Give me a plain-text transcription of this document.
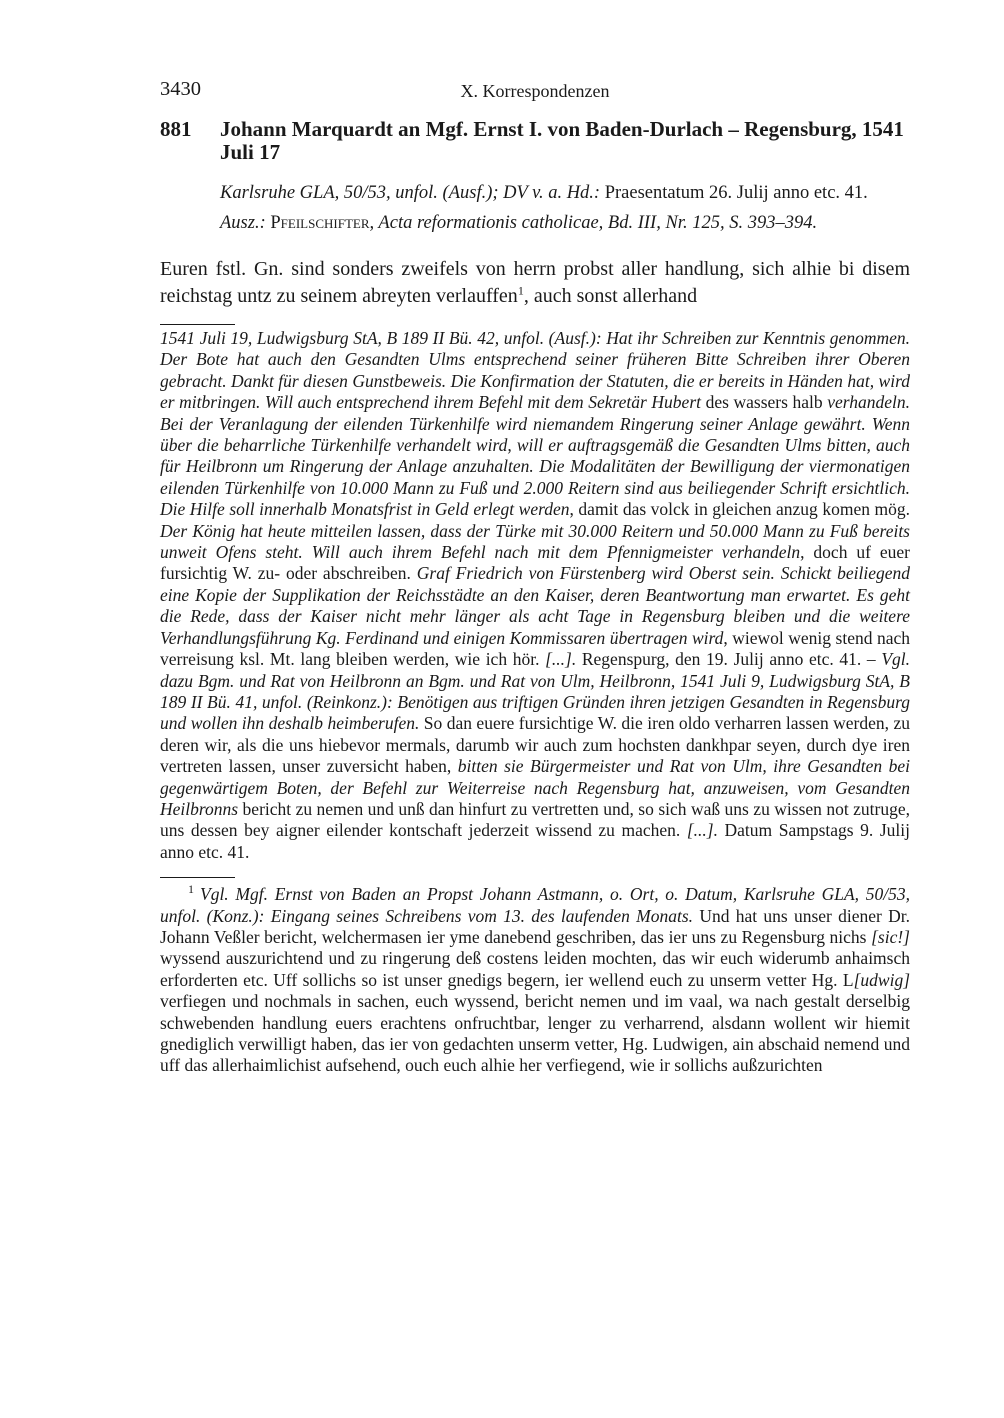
3430	X. Korrespondenzen
881	Johann Marquardt an Mgf. Ernst I. von Baden-Durlach – Regensburg, 1541 Juli 17

Karlsruhe GLA, 50/53, unfol. (Ausf.); DV v. a. Hd.: Praesentatum 26. Julij anno etc. 41.

Ausz.: Pfeilschifter, Acta reformationis catholicae, Bd. III, Nr. 125, S. 393–394.

Euren fstl. Gn. sind sonders zweifels von herrn probst aller handlung, sich alhie bi disem reichstag untz zu seinem abreyten verlauffen$^1$, auch sonst allerhand

1541 Juli 19, Ludwigsburg StA, B 189 II Bü. 42, unfol. (Ausf.): Hat ihr Schreiben zur Kenntnis genommen. Der Bote hat auch den Gesandten Ulms entsprechend seiner früheren Bitte Schreiben ihrer Oberen gebracht. Dankt für diesen Gunstbeweis. Die Konfirmation der Statuten, die er bereits in Händen hat, wird er mitbringen. Will auch entsprechend ihrem Befehl mit dem Sekretär Hubert des wassers halb verhandeln. Bei der Veranlagung der eilenden Türkenhilfe wird niemandem Ringerung seiner Anlage gewährt. Wenn über die beharrliche Türkenhilfe verhandelt wird, will er auftragsgemäß die Gesandten Ulms bitten, auch für Heilbronn um Ringerung der Anlage anzuhalten. Die Modalitäten der Bewilligung der viermonatigen eilenden Türkenhilfe von 10.000 Mann zu Fuß und 2.000 Reitern sind aus beiliegender Schrift ersichtlich. Die Hilfe soll innerhalb Monatsfrist in Geld erlegt werden, damit das volck in gleichen anzug komen mög. Der König hat heute mitteilen lassen, dass der Türke mit 30.000 Reitern und 50.000 Mann zu Fuß bereits unweit Ofens steht. Will auch ihrem Befehl nach mit dem Pfennigmeister verhandeln, doch uf euer fursichtig W. zu- oder abschreiben. Graf Friedrich von Fürstenberg wird Oberst sein. Schickt beiliegend eine Kopie der Supplikation der Reichsstädte an den Kaiser, deren Beantwortung man erwartet. Es geht die Rede, dass der Kaiser nicht mehr länger als acht Tage in Regensburg bleiben und die weitere Verhandlungsführung Kg. Ferdinand und einigen Kommissaren übertragen wird, wiewol wenig stend nach verreisung ksl. Mt. lang bleiben werden, wie ich hör. [...]. Regenspurg, den 19. Julij anno etc. 41. – Vgl. dazu Bgm. und Rat von Heilbronn an Bgm. und Rat von Ulm, Heilbronn, 1541 Juli 9, Ludwigsburg StA, B 189 II Bü. 41, unfol. (Reinkonz.): Benötigen aus triftigen Gründen ihren jetzigen Gesandten in Regensburg und wollen ihn deshalb heimberufen. So dan euere fursichtige W. die iren oldo verharren lassen werden, zu deren wir, als die uns hiebevor mermals, darumb wir auch zum hochsten dankhpar seyen, durch dye iren vertreten lassen, unser zuversicht haben, bitten sie Bürgermeister und Rat von Ulm, ihre Gesandten bei gegenwärtigem Boten, der Befehl zur Weiterreise nach Regensburg hat, anzuweisen, vom Gesandten Heilbronns bericht zu nemen und unß dan hinfurt zu vertretten und, so sich waß uns zu wissen not zutruge, uns dessen bey aigner eilender kontschaft jederzeit wissend zu machen. [...]. Datum Sampstags 9. Julij anno etc. 41.

$^1$ Vgl. Mgf. Ernst von Baden an Propst Johann Astmann, o. Ort, o. Datum, Karlsruhe GLA, 50/53, unfol. (Konz.): Eingang seines Schreibens vom 13. des laufenden Monats. Und hat uns unser diener Dr. Johann Veßler bericht, welchermasen ier yme danebend geschriben, das ier uns zu Regensburg nichs [sic!] wyssend auszurichtend und zu ringerung deß costens leiden mochten, das wir euch widerumb anhaimsch erforderten etc. Uff sollichs so ist unser gnedigs begern, ier wellend euch zu unserm vetter Hg. L[udwig] verfiegen und nochmals in sachen, euch wyssend, bericht nemen und im vaal, wa nach gestalt derselbig schwebenden handlung euers erachtens onfruchtbar, lenger zu verharrend, alsdann wollent wir hiemit gnediglich verwilligt haben, das ier von gedachten unserm vetter, Hg. Ludwigen, ain abschaid nemend und uff das allerhaimlichist aufsehend, ouch euch alhie her verfiegend, wie ir sollichs außzurichten
